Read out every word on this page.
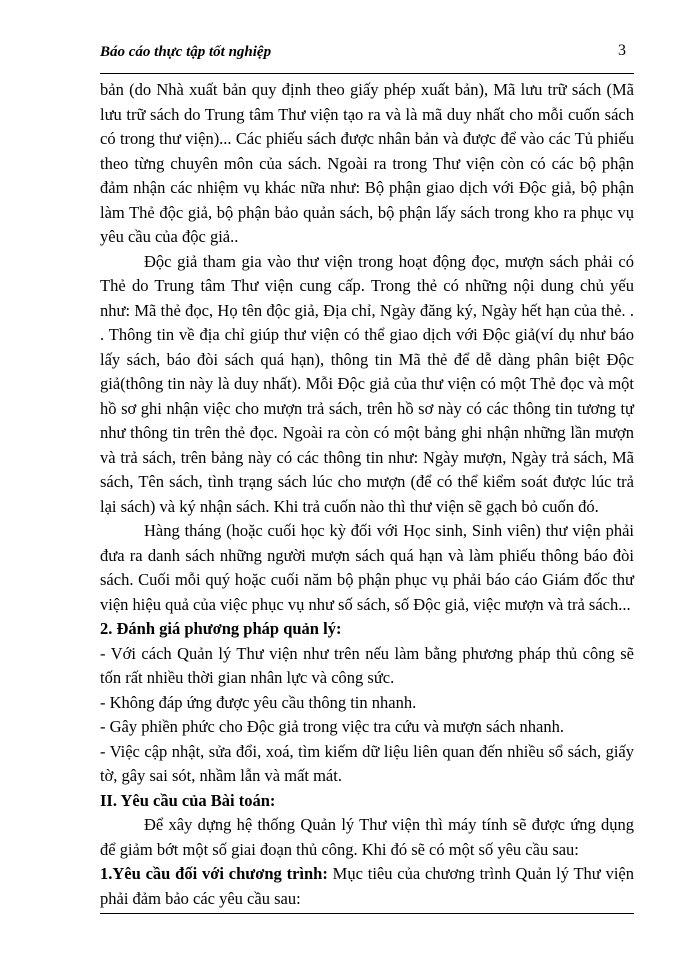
Báo cáo thực tập tốt nghiệp	3

bản (do Nhà xuất bản quy định theo giấy phép xuất bản), Mã lưu trữ sách (Mã lưu trữ sách do Trung tâm Thư viện tạo ra và là mã duy nhất cho mỗi cuốn sách có trong thư viện)... Các phiếu sách được nhân bản và được để vào các Tủ phiếu theo từng chuyên môn của sách. Ngoài ra trong Thư viện còn có các bộ phận đảm nhận các nhiệm vụ khác nữa như: Bộ phận giao dịch với Độc giả, bộ phận làm Thẻ độc giả, bộ phận bảo quản sách, bộ phận lấy sách trong kho ra phục vụ yêu cầu của độc giả..

Độc giả tham gia vào thư viện trong hoạt động đọc, mượn sách phải có Thẻ do Trung tâm Thư viện cung cấp. Trong thẻ có những nội dung chủ yếu như: Mã thẻ đọc, Họ tên độc giả, Địa chỉ, Ngày đăng ký, Ngày hết hạn của thẻ. . . Thông tin về địa chỉ giúp thư viện có thể giao dịch với Độc giả(ví dụ như báo lấy sách, báo đòi sách quá hạn), thông tin Mã thẻ để dễ dàng phân biệt Độc giả(thông tin này là duy nhất). Mỗi Độc giả của thư viện có một Thẻ đọc và một hồ sơ ghi nhận việc cho mượn trả sách, trên hồ sơ này có các thông tin tương tự như thông tin trên thẻ đọc. Ngoài ra còn có một bảng ghi nhận những lần mượn và trả sách, trên bảng này có các thông tin như: Ngày mượn, Ngày trả sách, Mã sách, Tên sách, tình trạng sách lúc cho mượn (để có thể kiểm soát được lúc trả lại sách) và ký nhận sách. Khi trả cuốn nào thì thư viện sẽ gạch bỏ cuốn đó.

Hàng tháng (hoặc cuối học kỳ đối với Học sinh, Sinh viên) thư viện phải đưa ra danh sách những người mượn sách quá hạn và làm phiếu thông báo đòi sách. Cuối mỗi quý hoặc cuối năm bộ phận phục vụ phải báo cáo Giám đốc thư viện hiệu quả của việc phục vụ như số sách, số Độc giả, việc mượn và trả sách...

2. Đánh giá phương pháp quản lý:

- Với cách Quản lý Thư viện như trên nếu làm bằng phương pháp thủ công sẽ tốn rất nhiều thời gian nhân lực và công sức.

- Không đáp ứng được yêu cầu thông tin nhanh.

- Gây phiền phức cho Độc giả trong việc tra cứu và mượn sách nhanh.

- Việc cập nhật, sửa đổi, xoá, tìm kiếm dữ liệu liên quan đến nhiều sổ sách, giấy tờ, gây sai sót, nhầm lẫn và mất mát.

II. Yêu cầu của Bài toán:

Để xây dựng hệ thống Quản lý Thư viện thì máy tính sẽ được ứng dụng để giảm bớt một số giai đoạn thủ công. Khi đó sẽ có một số yêu cầu sau:

1.Yêu cầu đối với chương trình: Mục tiêu của chương trình Quản lý Thư viện phải đảm bảo các yêu cầu sau:
